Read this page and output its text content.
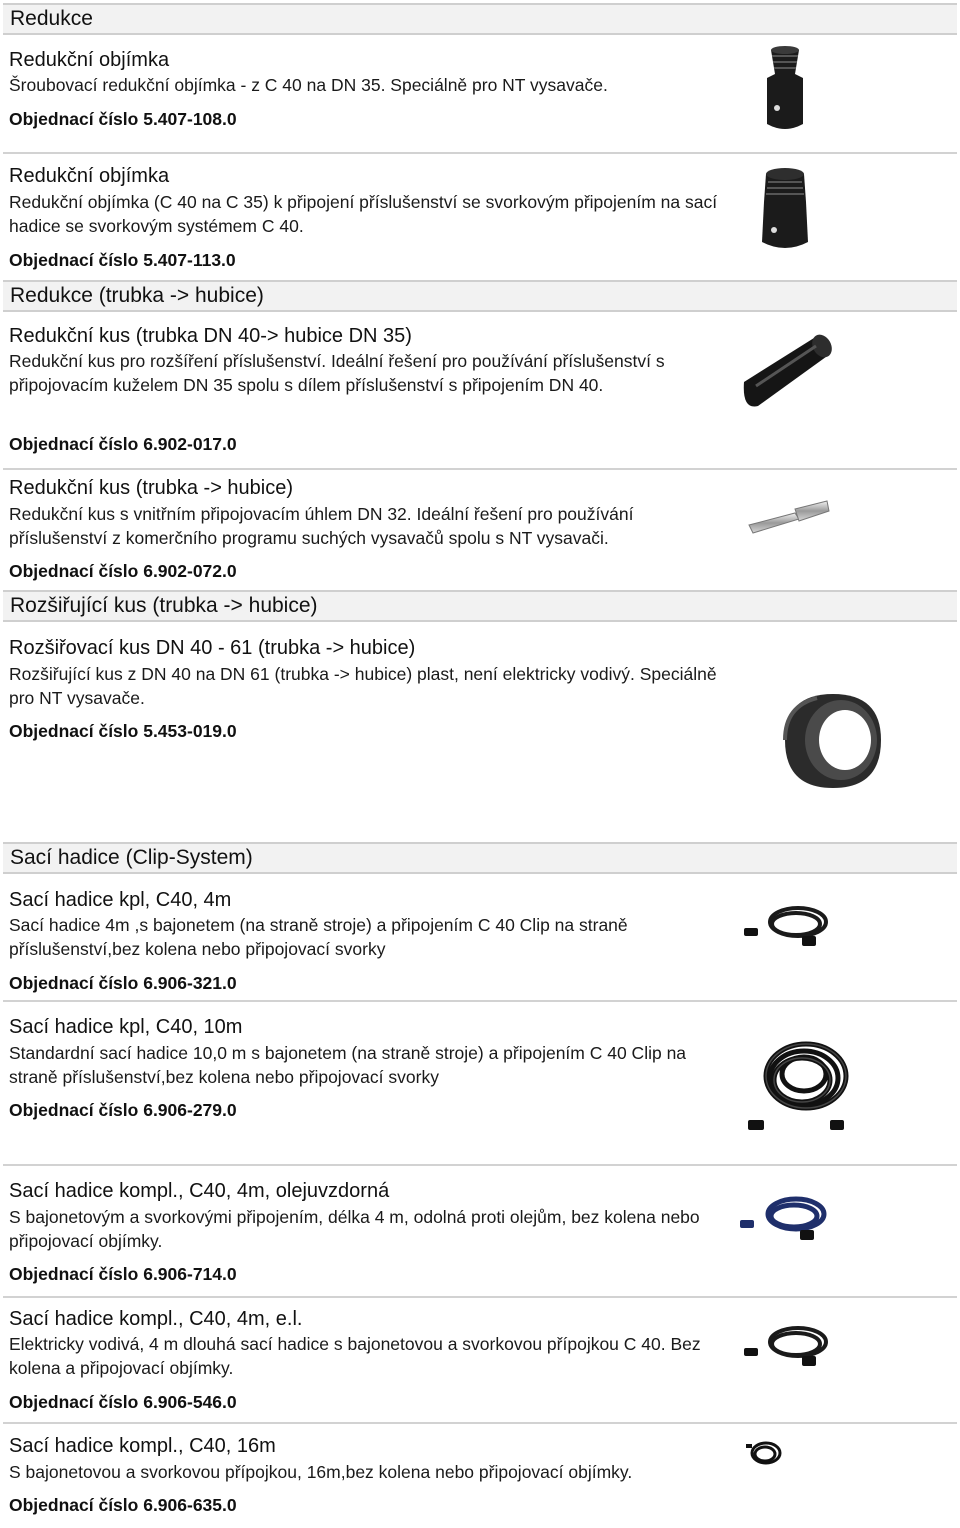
Redukce
Redukce (trubka -> hubice)
Rozšiřující kus (trubka -> hubice)
Sací hadice (Clip-System)
Redukční objímka
Šroubovací redukční objímka - z C 40 na DN 35. Speciálně pro NT vysavače.
Objednací číslo 5.407-108.0
Redukční objímka
Redukční objímka (C 40 na C 35) k připojení příslušenství se svorkovým připojením na sací hadice se svorkovým systémem C 40.
Objednací číslo 5.407-113.0
Redukční kus (trubka DN 40-> hubice DN 35)
Redukční kus pro rozšíření příslušenství. Ideální řešení pro používání příslušenství s připojovacím kuželem DN 35 spolu s dílem příslušenství s připojením DN 40.
Objednací číslo 6.902-017.0
Redukční kus (trubka -> hubice)
Redukční kus s vnitřním připojovacím úhlem DN 32. Ideální řešení pro používání příslušenství z komerčního programu suchých vysavačů spolu s NT vysavači.
Objednací číslo 6.902-072.0
Rozšiřovací kus DN 40 - 61 (trubka -> hubice)
Rozšiřující kus z DN 40 na DN 61 (trubka -> hubice) plast, není elektricky vodivý. Speciálně pro NT vysavače.
Objednací číslo 5.453-019.0
Sací hadice kpl, C40, 4m
Sací hadice 4m ,s bajonetem (na straně stroje) a připojením C 40 Clip na straně příslušenství,bez kolena nebo připojovací svorky
Objednací číslo 6.906-321.0
Sací hadice kpl, C40, 10m
Standardní sací hadice 10,0 m s bajonetem (na straně stroje) a připojením C 40 Clip na straně příslušenství,bez kolena nebo připojovací svorky
Objednací číslo 6.906-279.0
Sací hadice kompl., C40, 4m, olejuvzdorná
S bajonetovým a svorkovými připojením, délka 4 m, odolná proti olejům, bez kolena nebo připojovací objímky.
Objednací číslo 6.906-714.0
Sací hadice kompl., C40, 4m, e.l.
Elektricky vodivá, 4 m dlouhá sací hadice s bajonetovou a svorkovou přípojkou C 40. Bez kolena a připojovací objímky.
Objednací číslo 6.906-546.0
Sací hadice kompl., C40, 16m
S bajonetovou a svorkovou přípojkou, 16m,bez kolena nebo připojovací objímky.
Objednací číslo 6.906-635.0
